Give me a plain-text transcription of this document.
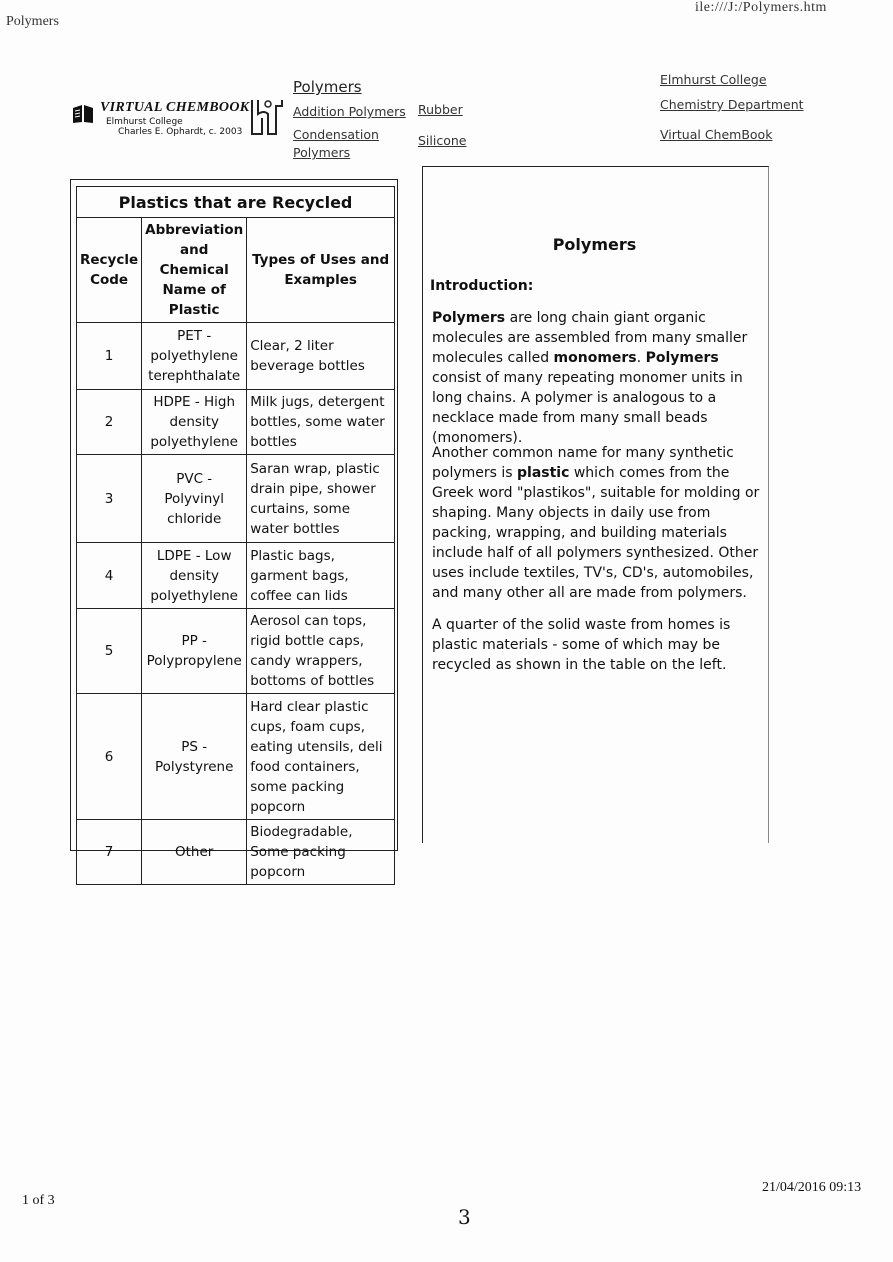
Polymers
ile:///J:/Polymers.htm
VIRTUAL CHEMBOOK
Elmhurst College
Charles E. Ophardt, c. 2003
Polymers
Addition Polymers
Condensation Polymers
Rubber
Silicone
Elmhurst College
Chemistry Department
Virtual ChemBook
Plastics that are Recycled		
Recycle Code	Abbreviation and Chemical Name of Plastic	Types of Uses and Examples
1	PET - polyethylene terephthalate	Clear, 2 liter beverage bottles
2	HDPE - High density polyethylene	Milk jugs, detergent bottles, some water bottles
3	PVC - Polyvinyl chloride	Saran wrap, plastic drain pipe, shower curtains, some water bottles
4	LDPE - Low density polyethylene	Plastic bags, garment bags, coffee can lids
5	PP - Polypropylene	Aerosol can tops, rigid bottle caps, candy wrappers, bottoms of bottles
6	PS - Polystyrene	Hard clear plastic cups, foam cups, eating utensils, deli food containers, some packing popcorn
7	Other	Biodegradable, Some packing popcorn
Polymers
Introduction:
Polymers are long chain giant organic molecules are assembled from many smaller molecules called monomers. Polymers consist of many repeating monomer units in long chains. A polymer is analogous to a necklace made from many small beads (monomers).
Another common name for many synthetic polymers is plastic which comes from the Greek word "plastikos", suitable for molding or shaping. Many objects in daily use from packing, wrapping, and building materials include half of all polymers synthesized. Other uses include textiles, TV's, CD's, automobiles, and many other all are made from polymers.
A quarter of the solid waste from homes is plastic materials - some of which may be recycled as shown in the table on the left.
1 of 3
21/04/2016 09:13
3
